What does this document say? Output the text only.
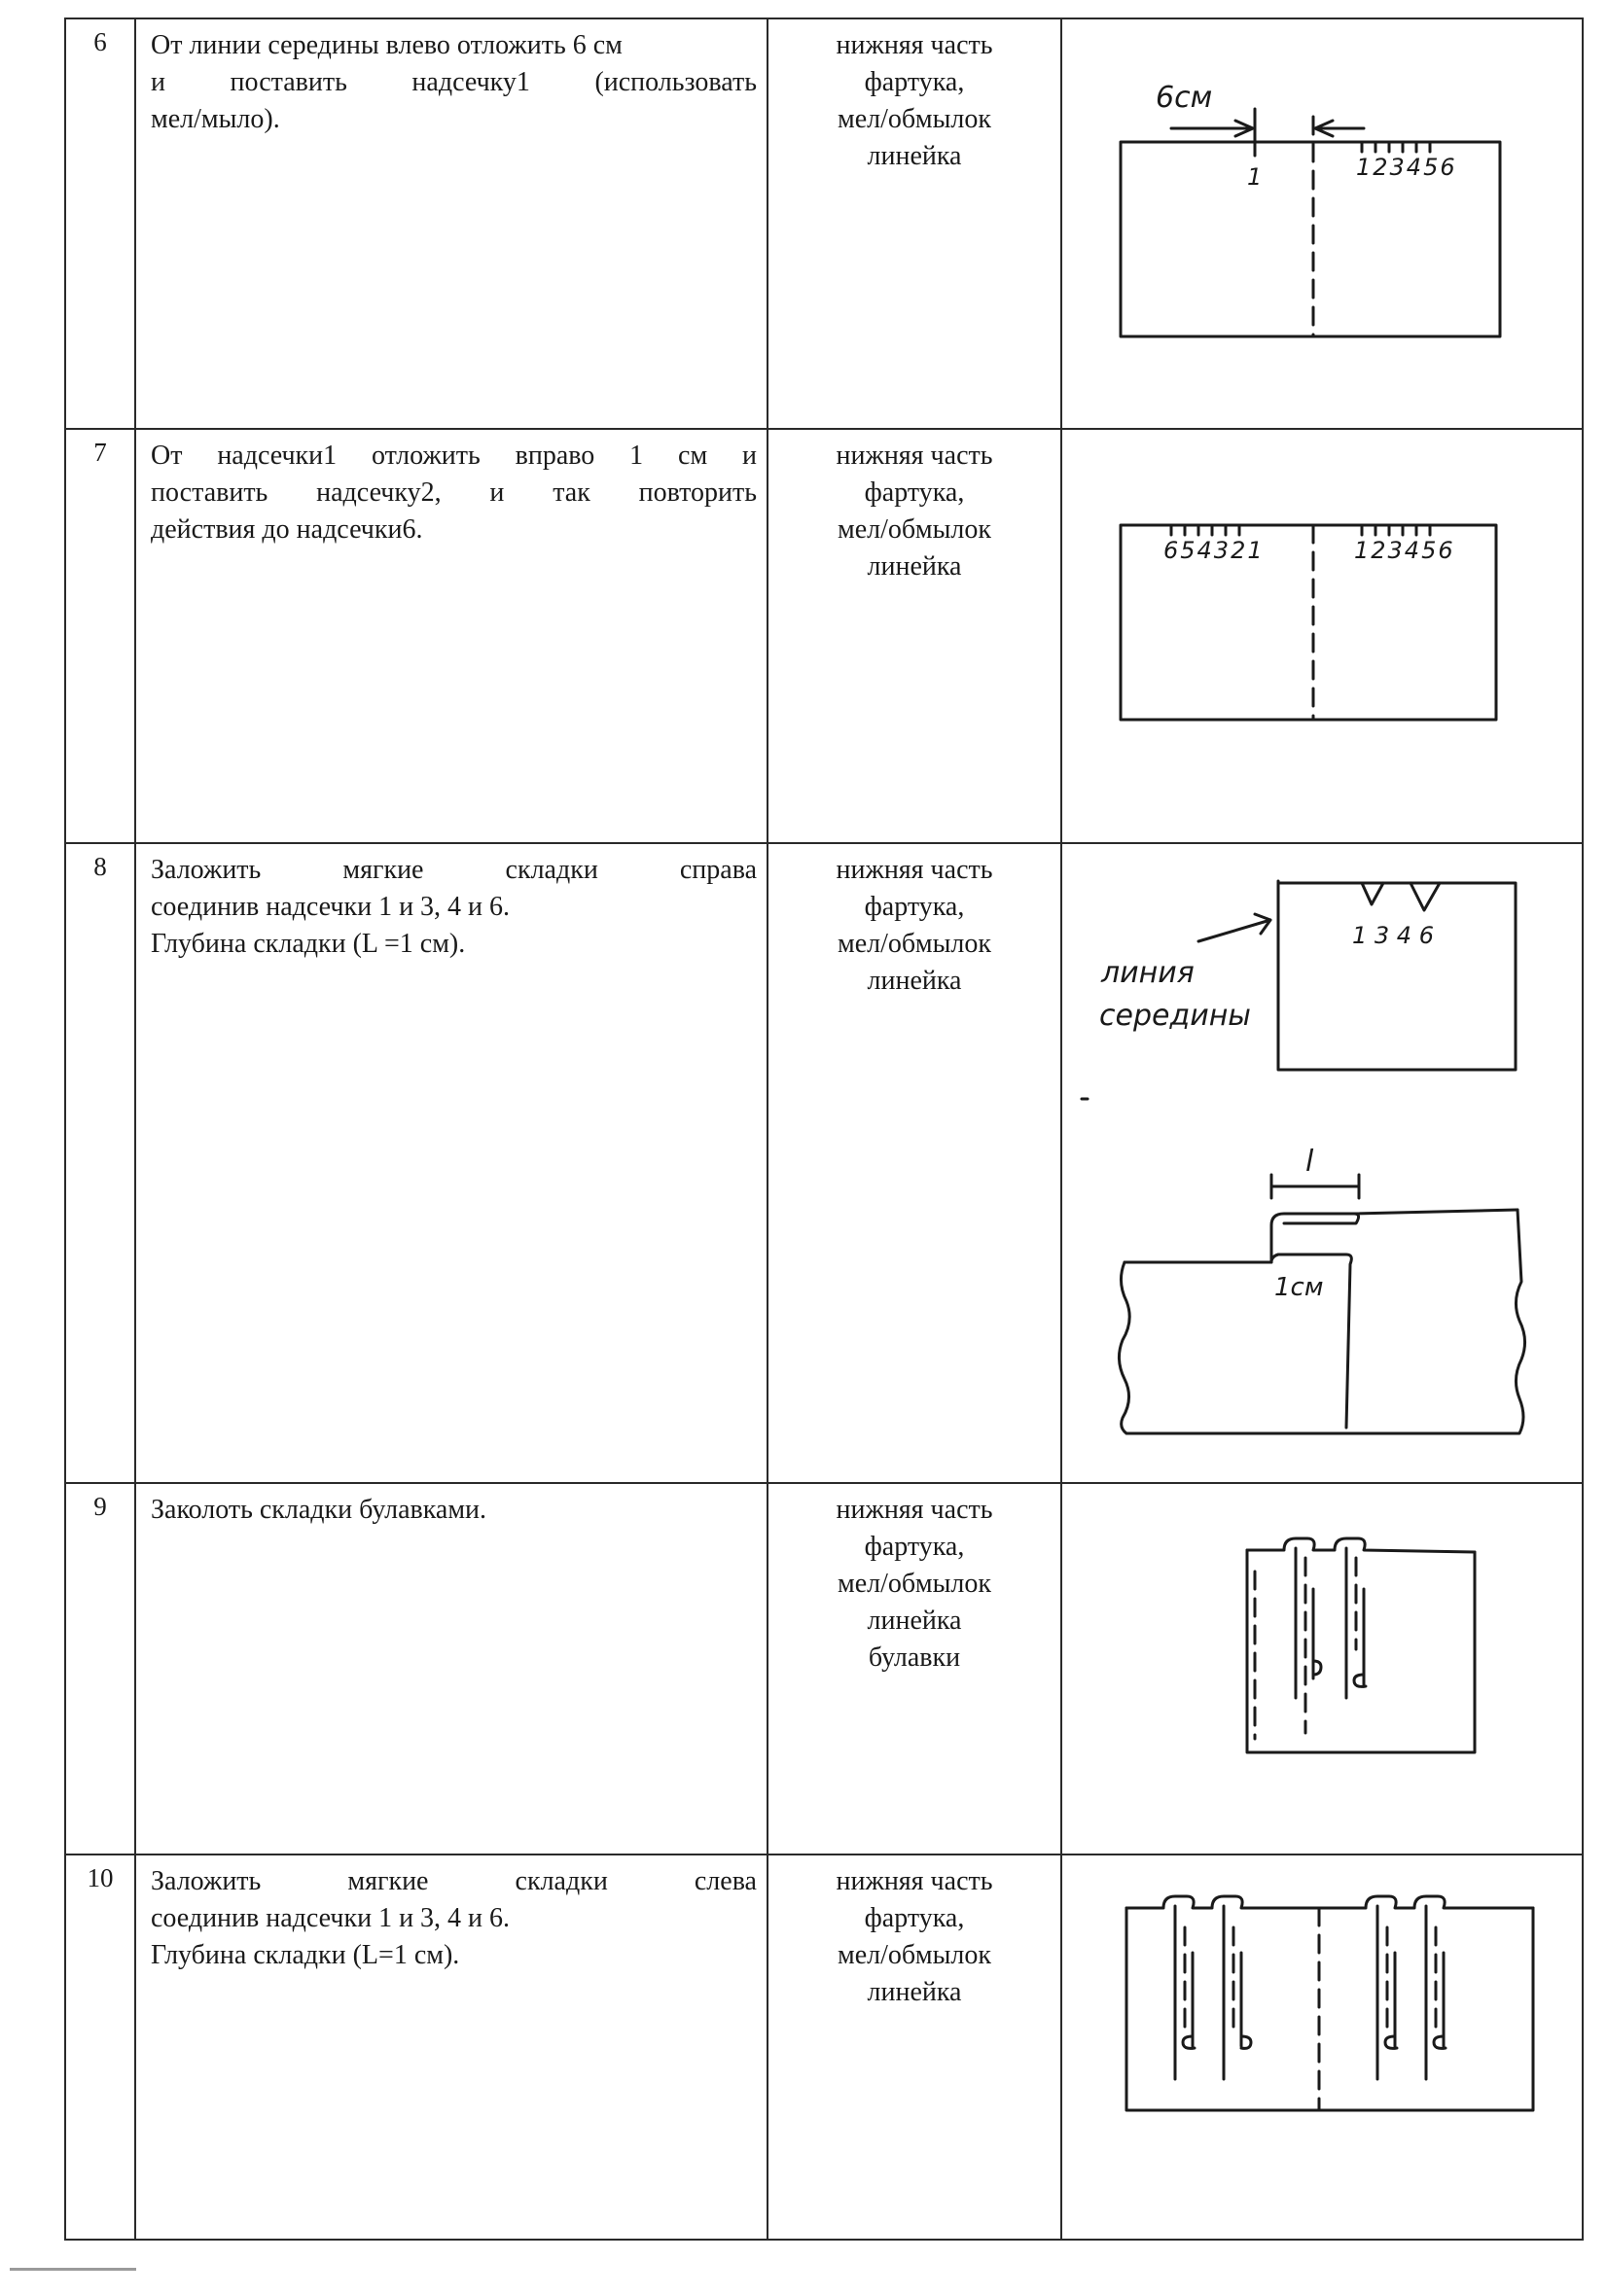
6	От линии середины влево отложить 6 см
и поставить надсечку1 (использовать
мел/мыло).	нижняя часть
фартука,
мел/обмылок
линейка	6см
1 123456

7	От надсечки1 отложить вправо 1 см и
поставить надсечку2, и так повторить
действия до надсечки6.	нижняя часть
фартука,
мел/обмылок
линейка	654321 123456

8	Заложить мягкие складки справа
соединив надсечки 1 и 3, 4 и 6.
Глубина складки (L =1 см).	нижняя часть
фартука,
мел/обмылок
линейка	1 3 4 6
линия
середины
l
1см

9	Заколоть складки булавками.	нижняя часть
фартука,
мел/обмылок
линейка
булавки

10	Заложить мягкие складки слева
соединив надсечки 1 и 3, 4 и 6.
Глубина складки (L=1 см).	нижняя часть
фартука,
мел/обмылок
линейка
